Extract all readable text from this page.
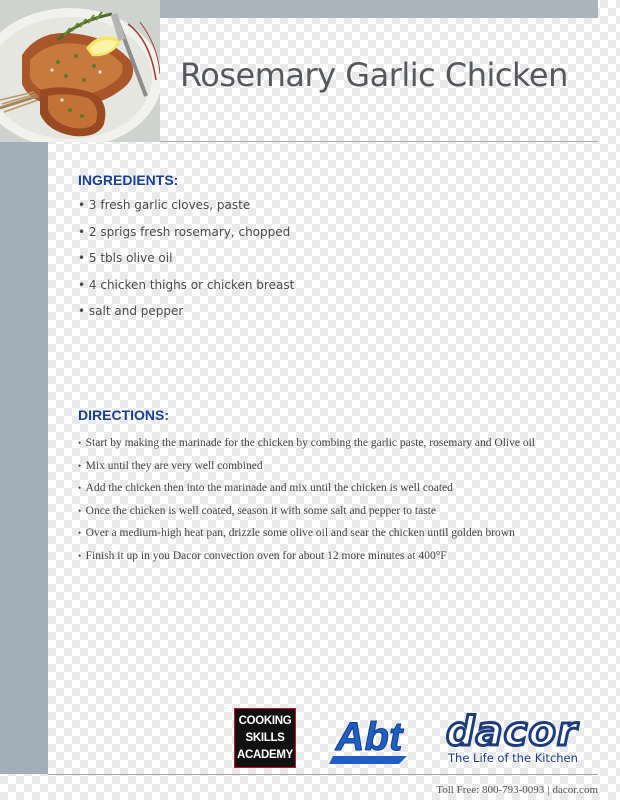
Rosemary Garlic Chicken
INGREDIENTS:
• 3 fresh garlic cloves, paste
• 2 sprigs fresh rosemary, chopped
• 5 tbls olive oil
• 4 chicken thighs or chicken breast
• salt and pepper
DIRECTIONS:
•  Start by making the marinade for the chicken by combing the garlic paste, rosemary and Olive oil
•  Mix until they are very well combined
•  Add the chicken then into the marinade and mix until the chicken is well coated
•  Once the chicken is well coated, season it with some salt and pepper to taste
•  Over a medium-high heat pan, drizzle some olive oil and sear the chicken until golden brown
•  Finish it up in you Dacor convection oven for about 12 more minutes at 400°F
COOKING
SKILLS
ACADEMY Abt dacor
The Life of the Kitchen
Toll Free: 800-793-0093 | dacor.com
